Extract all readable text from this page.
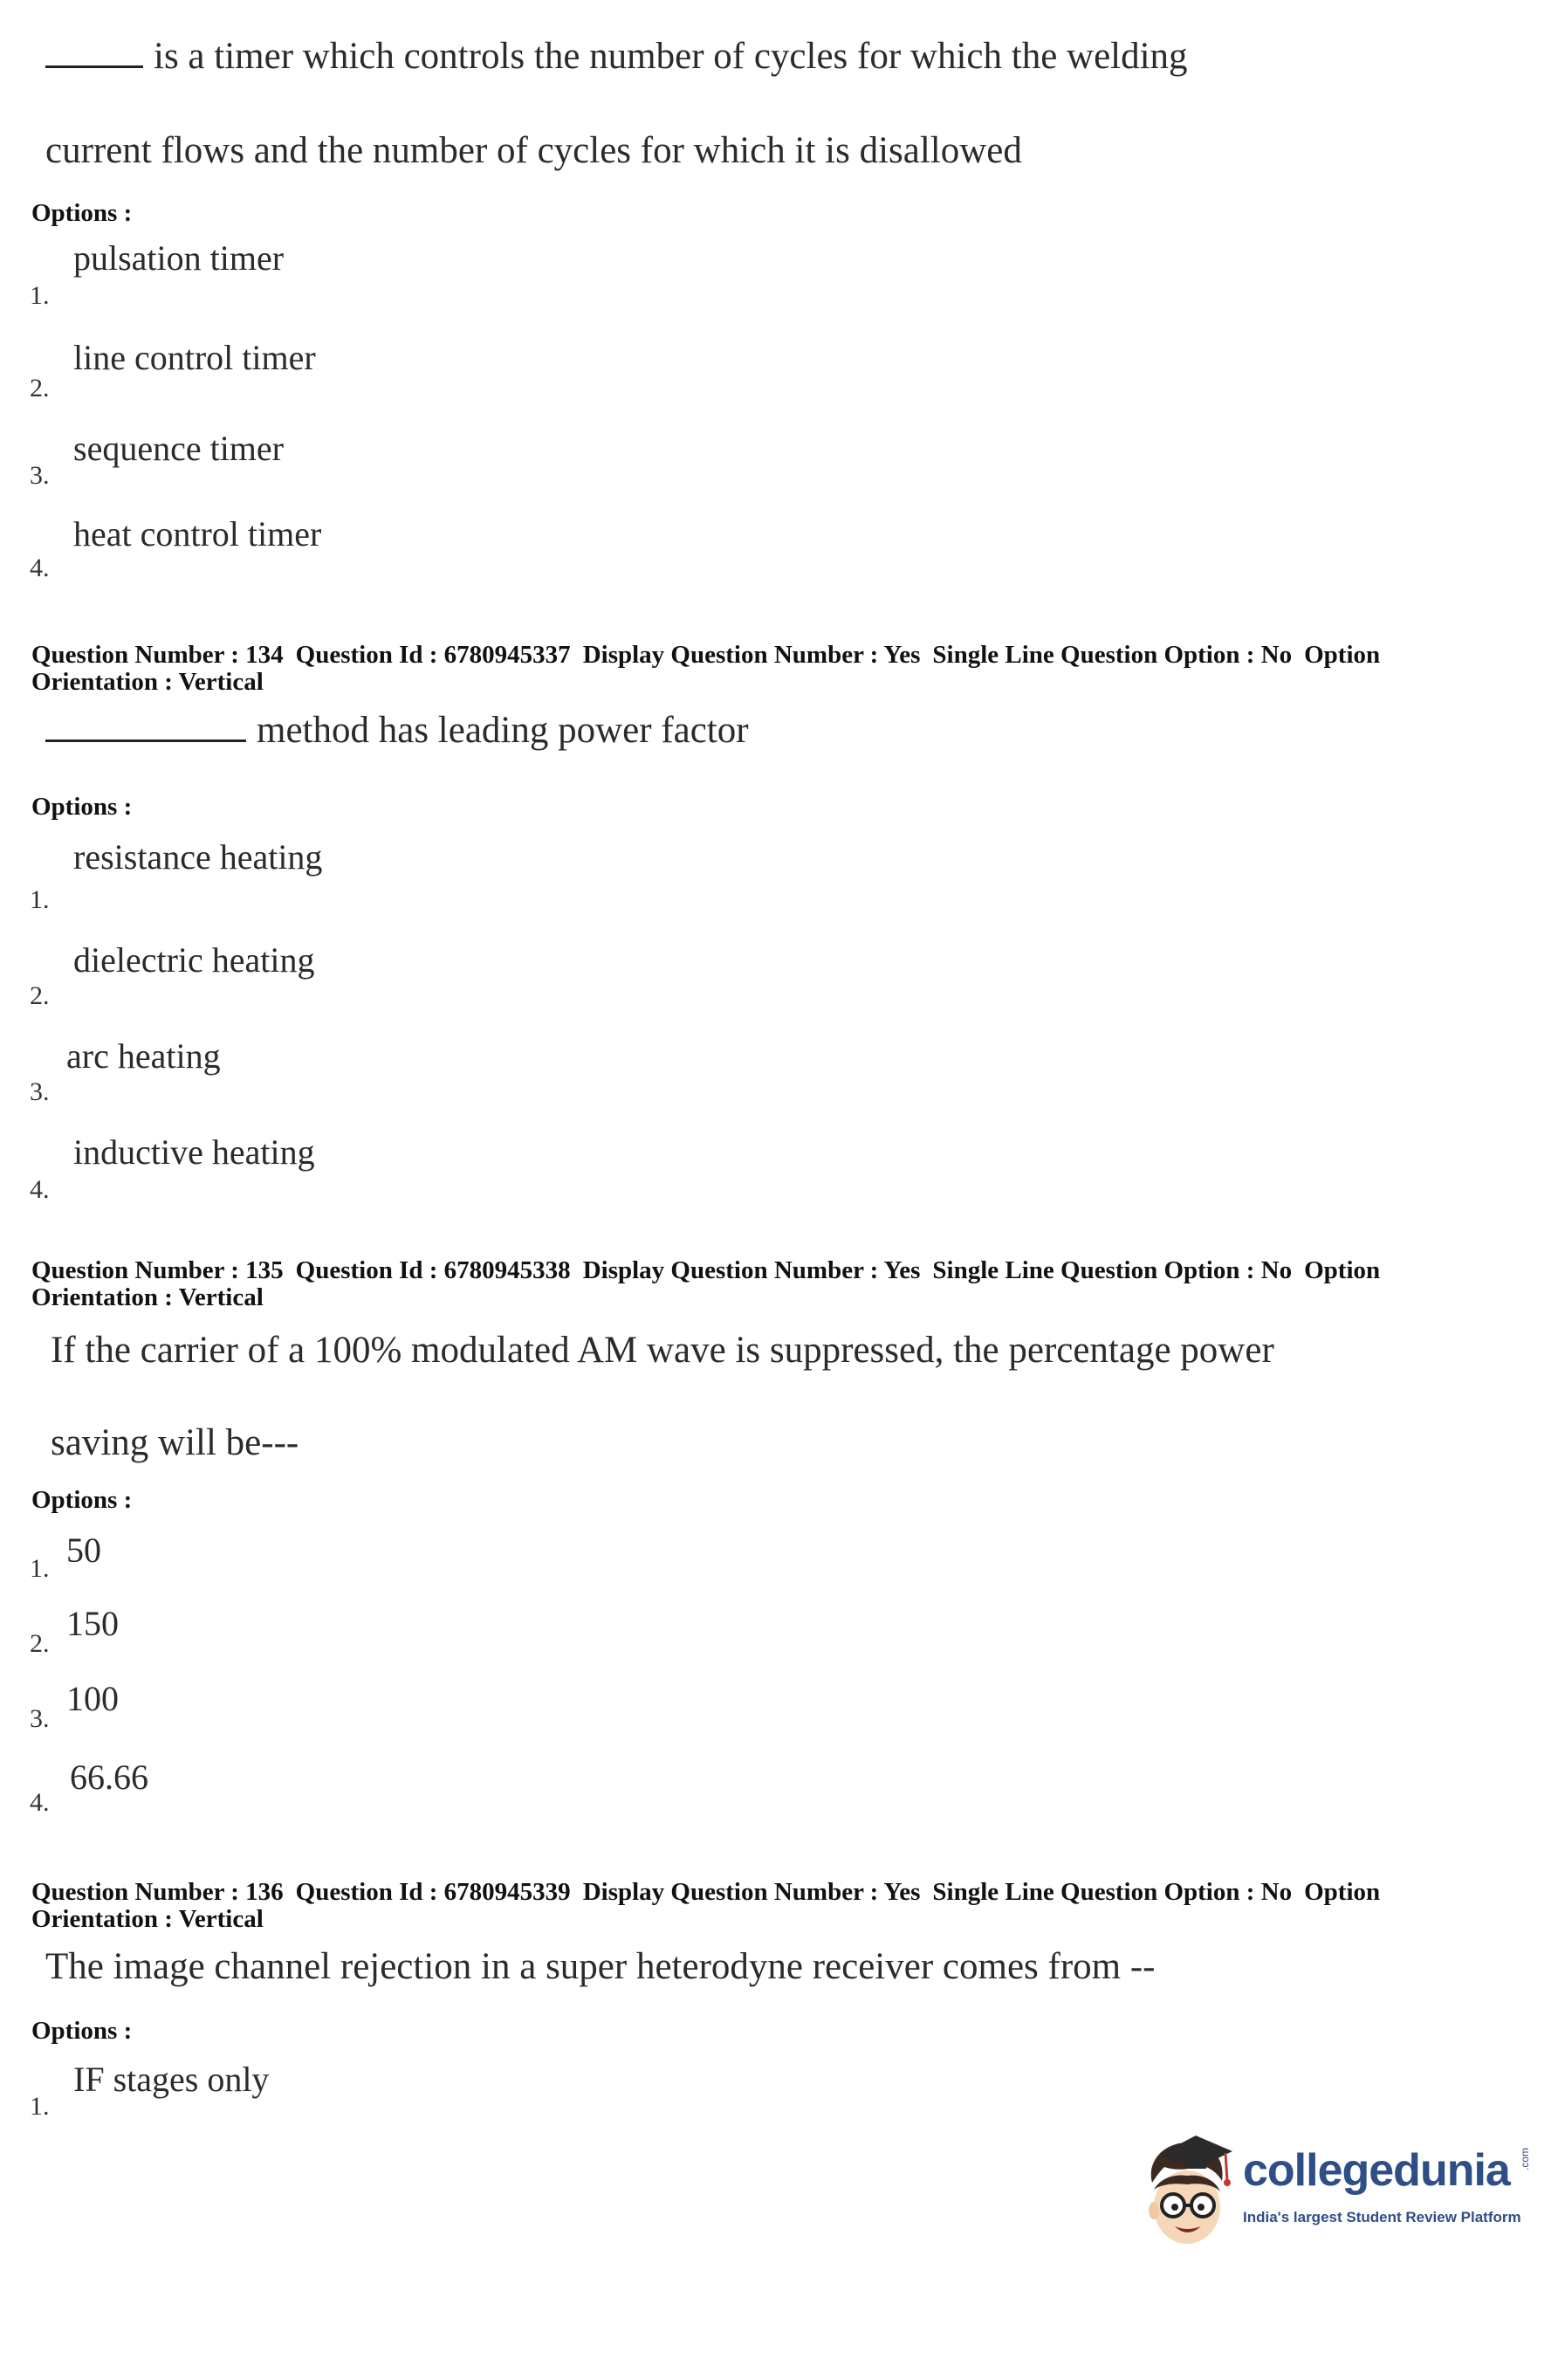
is a timer which controls the number of cycles for which the welding
current flows and the number of cycles for which it is disallowed
Options :
pulsation timer
1.
line control timer
2.
sequence timer
3.
heat control timer
4.
Question Number : 134 Question Id : 6780945337 Display Question Number : Yes Single Line Question Option : No Option
Orientation : Vertical
method has leading power factor
Options :
resistance heating
1.
dielectric heating
2.
arc heating
3.
inductive heating
4.
Question Number : 135 Question Id : 6780945338 Display Question Number : Yes Single Line Question Option : No Option
Orientation : Vertical
If the carrier of a 100% modulated AM wave is suppressed, the percentage power
saving will be---
Options :
50
1.
150
2.
100
3.
66.66
4.
Question Number : 136 Question Id : 6780945339 Display Question Number : Yes Single Line Question Option : No Option
Orientation : Vertical
The image channel rejection in a super heterodyne receiver comes from --
Options :
IF stages only
1.
collegedunia .com
India's largest Student Review Platform
